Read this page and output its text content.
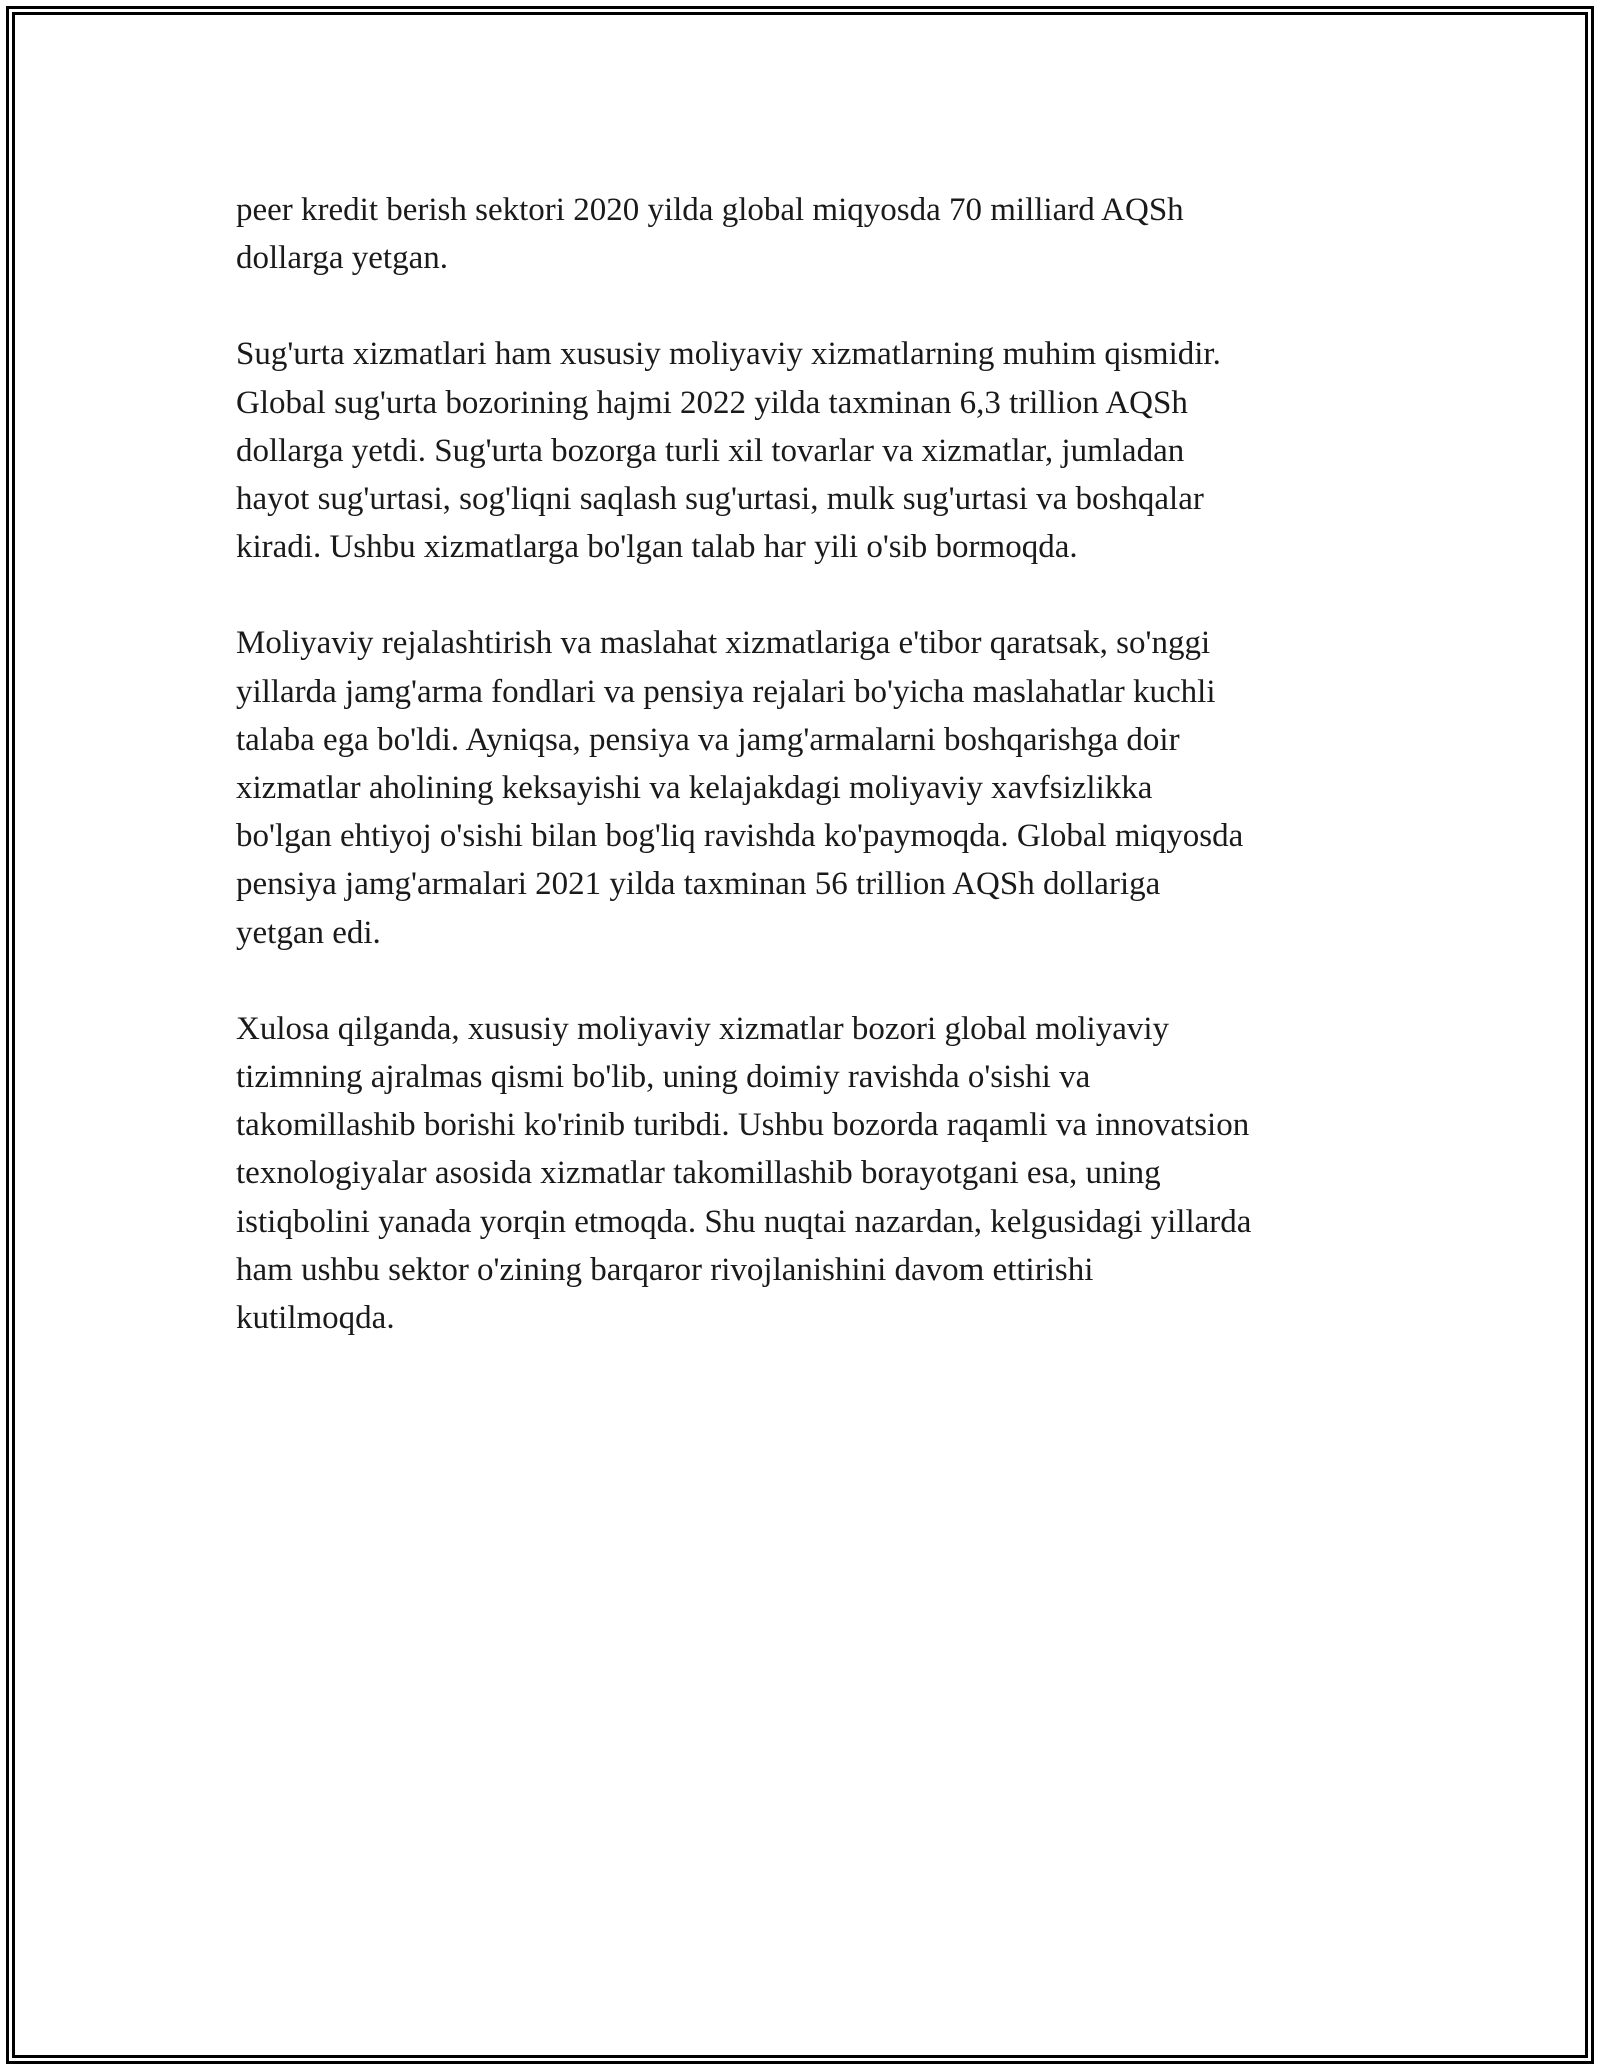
peer kredit berish sektori 2020 yilda global miqyosda 70 milliard AQSh
dollarga yetgan.

Sug'urta xizmatlari ham xususiy moliyaviy xizmatlarning muhim qismidir.
Global sug'urta bozorining hajmi 2022 yilda taxminan 6,3 trillion AQSh
dollarga yetdi. Sug'urta bozorga turli xil tovarlar va xizmatlar, jumladan
hayot sug'urtasi, sog'liqni saqlash sug'urtasi, mulk sug'urtasi va boshqalar
kiradi. Ushbu xizmatlarga bo'lgan talab har yili o'sib bormoqda.

Moliyaviy rejalashtirish va maslahat xizmatlariga e'tibor qaratsak, so'nggi
yillarda jamg'arma fondlari va pensiya rejalari bo'yicha maslahatlar kuchli
talaba ega bo'ldi. Ayniqsa, pensiya va jamg'armalarni boshqarishga doir
xizmatlar aholining keksayishi va kelajakdagi moliyaviy xavfsizlikka
bo'lgan ehtiyoj o'sishi bilan bog'liq ravishda ko'paymoqda. Global miqyosda
pensiya jamg'armalari 2021 yilda taxminan 56 trillion AQSh dollariga
yetgan edi.

Xulosa qilganda, xususiy moliyaviy xizmatlar bozori global moliyaviy
tizimning ajralmas qismi bo'lib, uning doimiy ravishda o'sishi va
takomillashib borishi ko'rinib turibdi. Ushbu bozorda raqamli va innovatsion
texnologiyalar asosida xizmatlar takomillashib borayotgani esa, uning
istiqbolini yanada yorqin etmoqda. Shu nuqtai nazardan, kelgusidagi yillarda
ham ushbu sektor o'zining barqaror rivojlanishini davom ettirishi
kutilmoqda.
